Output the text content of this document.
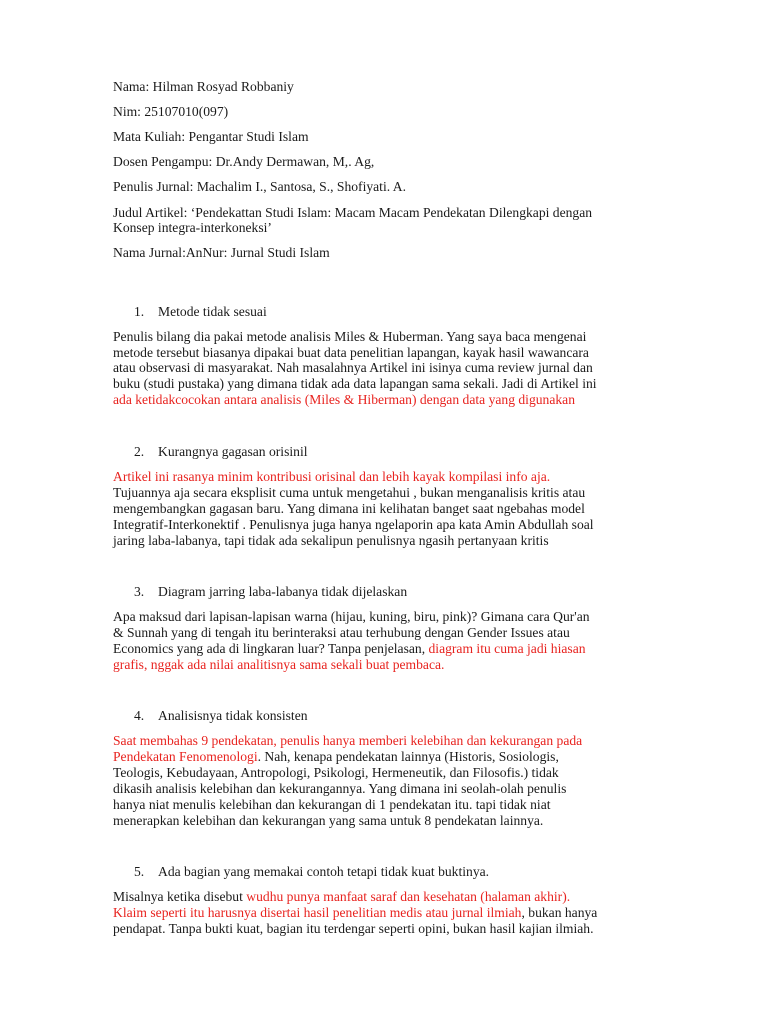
Nama: Hilman Rosyad Robbaniy
Nim: 25107010(097)
Mata Kuliah: Pengantar Studi Islam
Dosen Pengampu: Dr.Andy Dermawan, M,. Ag,
Penulis Jurnal: Machalim I., Santosa, S., Shofiyati. A.
Judul Artikel: ‘Pendekattan Studi Islam: Macam Macam Pendekatan Dilengkapi dengan
Konsep integra-interkoneksi’
Nama Jurnal:AnNur: Jurnal Studi Islam
1. Metode tidak sesuai
Penulis bilang dia pakai metode analisis Miles & Huberman. Yang saya baca mengenai
metode tersebut biasanya dipakai buat data penelitian lapangan, kayak hasil wawancara
atau observasi di masyarakat. Nah masalahnya Artikel ini isinya cuma review jurnal dan
buku (studi pustaka) yang dimana tidak ada data lapangan sama sekali. Jadi di Artikel ini
ada ketidakcocokan antara analisis (Miles & Hiberman) dengan data yang digunakan
2. Kurangnya gagasan orisinil
Artikel ini rasanya minim kontribusi orisinal dan lebih kayak kompilasi info aja.
Tujuannya aja secara eksplisit cuma untuk mengetahui , bukan menganalisis kritis atau
mengembangkan gagasan baru. Yang dimana ini kelihatan banget saat ngebahas model
Integratif-Interkonektif . Penulisnya juga hanya ngelaporin apa kata Amin Abdullah soal
jaring laba-labanya, tapi tidak ada sekalipun penulisnya ngasih pertanyaan kritis
3. Diagram jarring laba-labanya tidak dijelaskan
Apa maksud dari lapisan-lapisan warna (hijau, kuning, biru, pink)? Gimana cara Qur'an
& Sunnah yang di tengah itu berinteraksi atau terhubung dengan Gender Issues atau
Economics yang ada di lingkaran luar? Tanpa penjelasan, diagram itu cuma jadi hiasan
grafis, nggak ada nilai analitisnya sama sekali buat pembaca.
4. Analisisnya tidak konsisten
Saat membahas 9 pendekatan, penulis hanya memberi kelebihan dan kekurangan pada
Pendekatan Fenomenologi. Nah, kenapa pendekatan lainnya (Historis, Sosiologis,
Teologis, Kebudayaan, Antropologi, Psikologi, Hermeneutik, dan Filosofis.) tidak
dikasih analisis kelebihan dan kekurangannya. Yang dimana ini seolah-olah penulis
hanya niat menulis kelebihan dan kekurangan di 1 pendekatan itu. tapi tidak niat
menerapkan kelebihan dan kekurangan yang sama untuk 8 pendekatan lainnya.
5. Ada bagian yang memakai contoh tetapi tidak kuat buktinya.
Misalnya ketika disebut wudhu punya manfaat saraf dan kesehatan (halaman akhir).
Klaim seperti itu harusnya disertai hasil penelitian medis atau jurnal ilmiah, bukan hanya
pendapat. Tanpa bukti kuat, bagian itu terdengar seperti opini, bukan hasil kajian ilmiah.
